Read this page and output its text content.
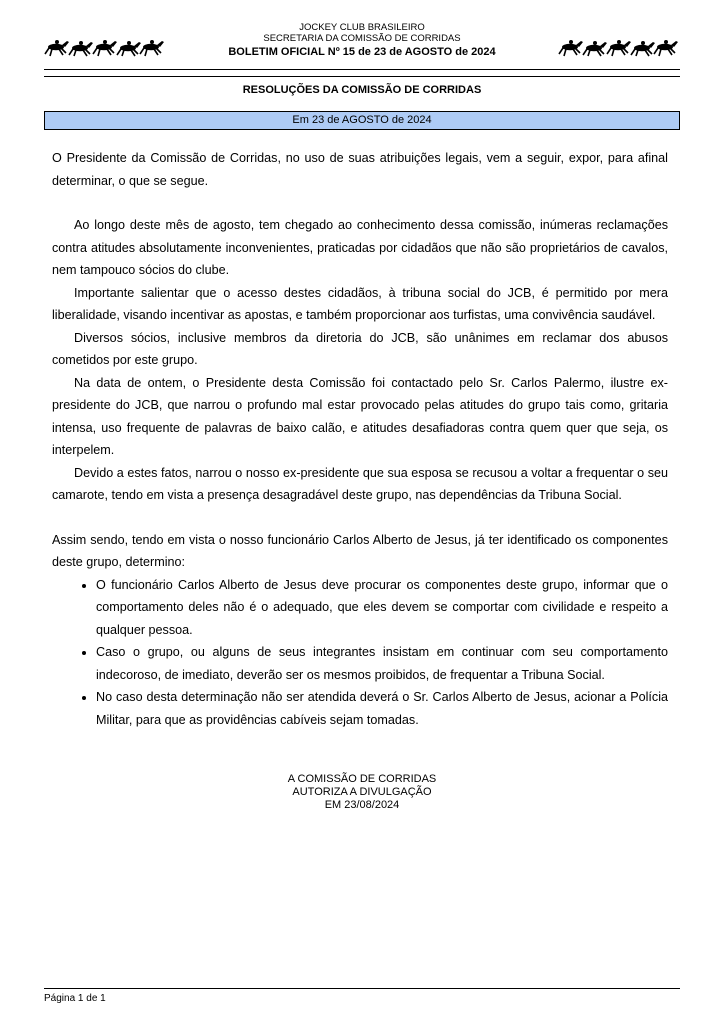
JOCKEY CLUB BRASILEIRO
SECRETARIA DA COMISSÃO DE CORRIDAS
BOLETIM OFICIAL Nº 15 de 23 de AGOSTO de 2024
RESOLUÇÕES DA COMISSÃO DE CORRIDAS
Em 23 de AGOSTO de 2024

O Presidente da Comissão de Corridas, no uso de suas atribuições legais, vem a seguir, expor, para afinal determinar, o que se segue.

Ao longo deste mês de agosto, tem chegado ao conhecimento dessa comissão, inúmeras reclamações contra atitudes absolutamente inconvenientes, praticadas por cidadãos que não são proprietários de cavalos, nem tampouco sócios do clube.

Importante salientar que o acesso destes cidadãos, à tribuna social do JCB, é permitido por mera liberalidade, visando incentivar as apostas, e também proporcionar aos turfistas, uma convivência saudável.

Diversos sócios, inclusive membros da diretoria do JCB, são unânimes em reclamar dos abusos cometidos por este grupo.

Na data de ontem, o Presidente desta Comissão foi contactado pelo Sr. Carlos Palermo, ilustre ex-presidente do JCB, que narrou o profundo mal estar provocado pelas atitudes do grupo tais como, gritaria intensa, uso frequente de palavras de baixo calão, e atitudes desafiadoras contra quem quer que seja, os interpelem.

Devido a estes fatos, narrou o nosso ex-presidente que sua esposa se recusou a voltar a frequentar o seu camarote, tendo em vista a presença desagradável deste grupo, nas dependências da Tribuna Social.

Assim sendo, tendo em vista o nosso funcionário Carlos Alberto de Jesus, já ter identificado os componentes deste grupo, determino:

• O funcionário Carlos Alberto de Jesus deve procurar os componentes deste grupo, informar que o comportamento deles não é o adequado, que eles devem se comportar com civilidade e respeito a qualquer pessoa.
• Caso o grupo, ou alguns de seus integrantes insistam em continuar com seu comportamento indecoroso, de imediato, deverão ser os mesmos proibidos, de frequentar a Tribuna Social.
• No caso desta determinação não ser atendida deverá o Sr. Carlos Alberto de Jesus, acionar a Polícia Militar, para que as providências cabíveis sejam tomadas.
A COMISSÃO DE CORRIDAS
AUTORIZA A DIVULGAÇÃO
EM 23/08/2024
Página 1 de 1
